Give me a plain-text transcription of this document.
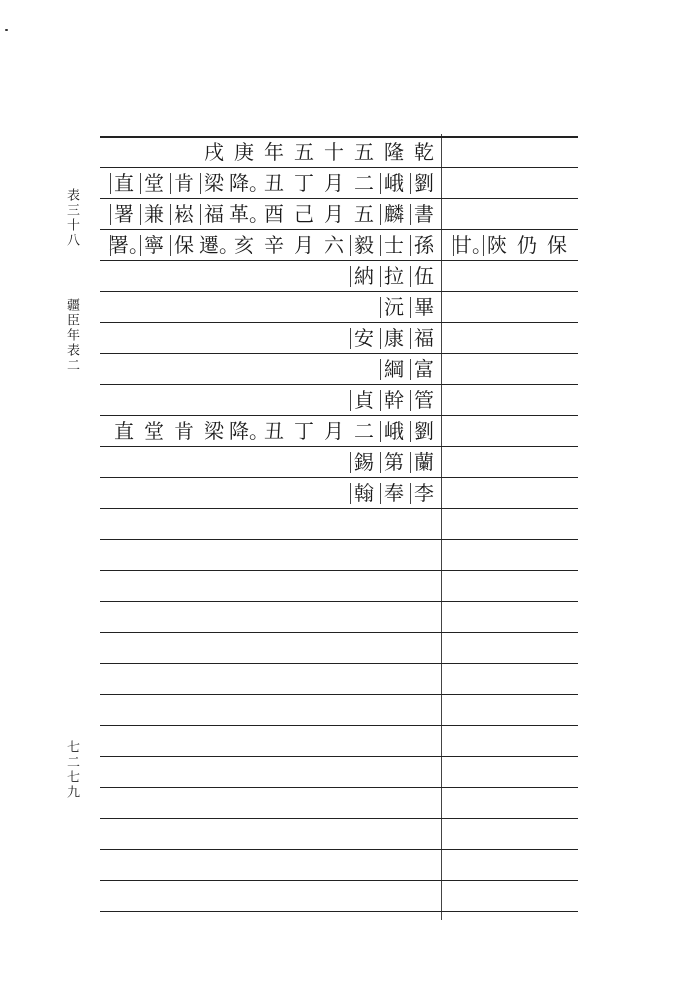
表三十八
疆臣年表二
七二七九
乾
隆
五
十
五
年
庚
戌
劉
峨
二
月
丁
丑
降。
梁
肯
堂
直
書
麟
五
月
己
酉
革。
福
崧
兼
署
孫
士
毅
六
月
辛
亥
遷。
保
寧
署。
伍
拉
納
畢
沅
福
康
安
富
綱
管
幹
貞
劉
峨
二
月
丁
丑
降。
梁
肯
堂
直
蘭
第
錫
李
奉
翰
保
仍
陝
甘。
